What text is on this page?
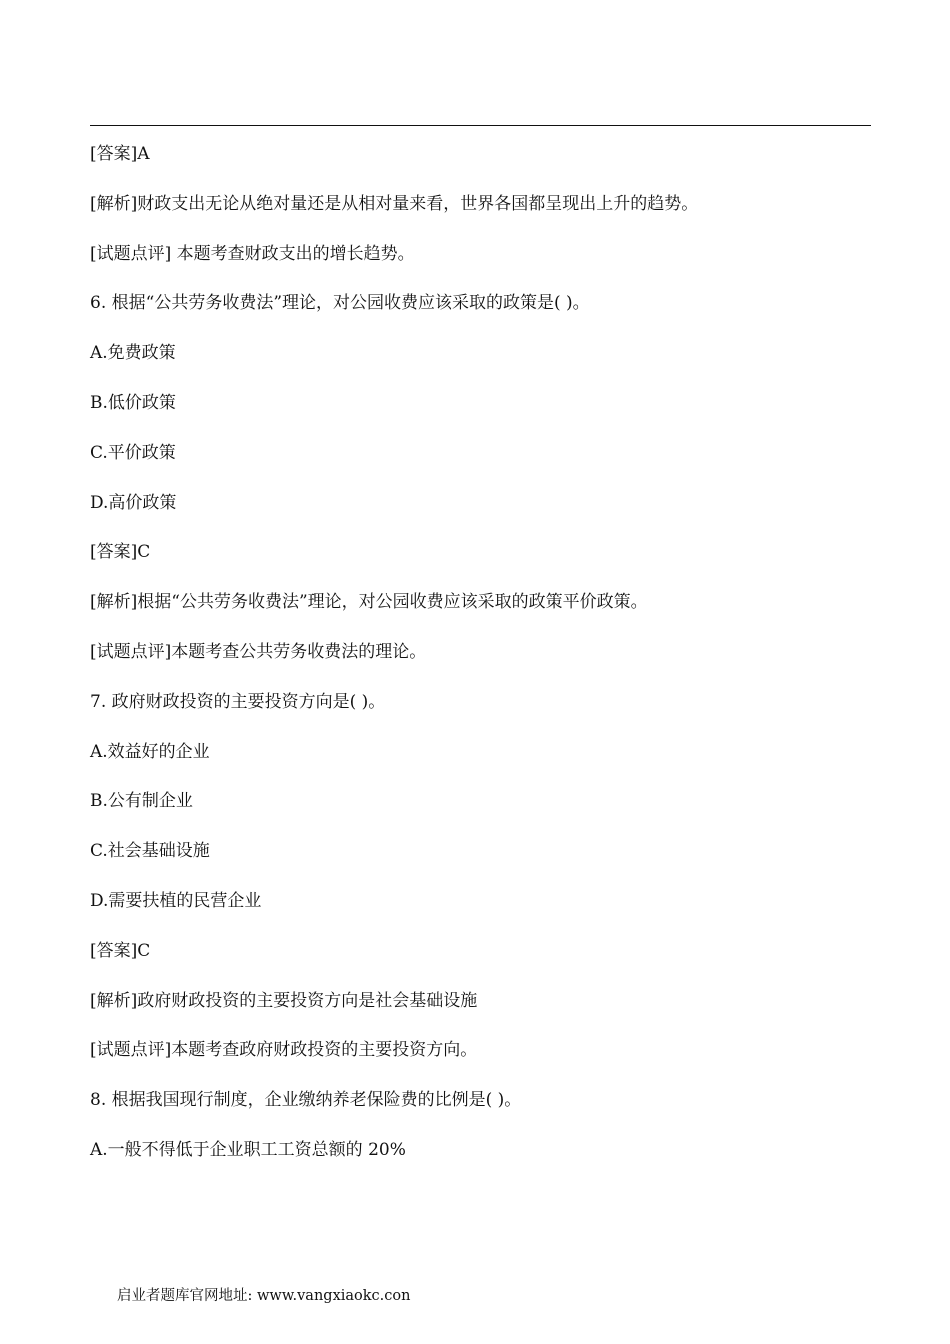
[答案]A
[解析]财政支出无论从绝对量还是从相对量来看，世界各国都呈现出上升的趋势。
[试题点评] 本题考查财政支出的增长趋势。
6. 根据“公共劳务收费法”理论，对公园收费应该采取的政策是( )。
A.免费政策
B.低价政策
C.平价政策
D.高价政策
[答案]C
[解析]根据“公共劳务收费法”理论，对公园收费应该采取的政策平价政策。
[试题点评]本题考查公共劳务收费法的理论。
7. 政府财政投资的主要投资方向是( )。
A.效益好的企业
B.公有制企业
C.社会基础设施
D.需要扶植的民营企业
[答案]C
[解析]政府财政投资的主要投资方向是社会基础设施
[试题点评]本题考查政府财政投资的主要投资方向。
8. 根据我国现行制度，企业缴纳养老保险费的比例是( )。
A.一般不得低于企业职工工资总额的 20%
启业者题库官网地址: www.vangxiaokc.con
